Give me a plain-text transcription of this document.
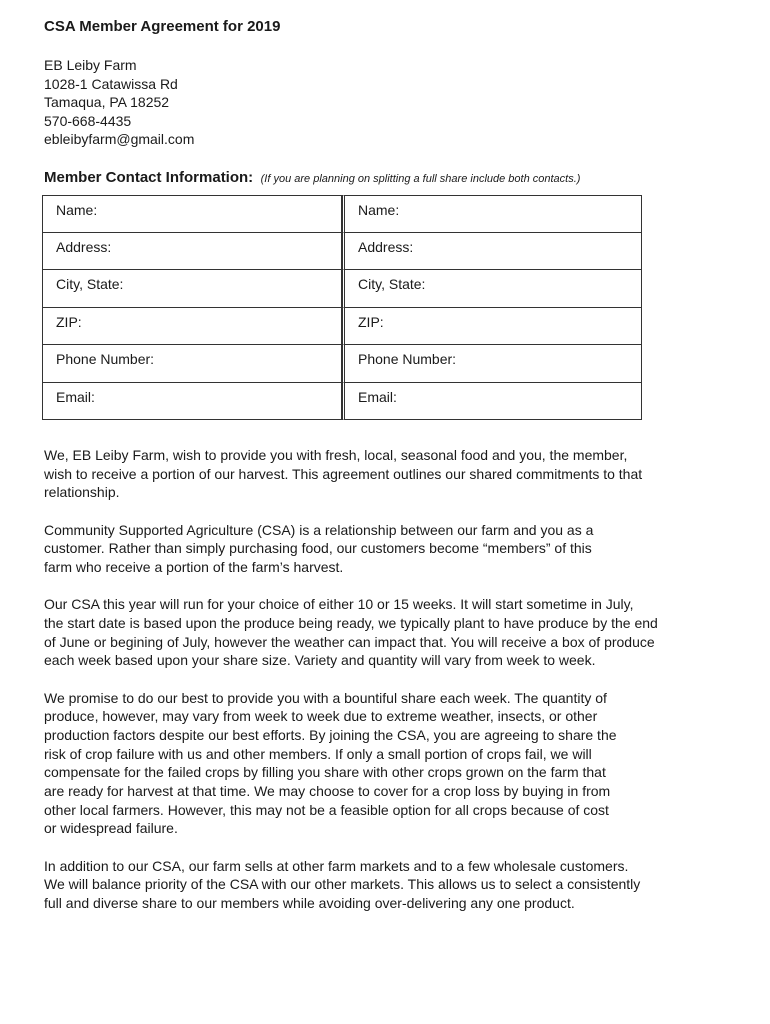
CSA Member Agreement for 2019
EB Leiby Farm
1028-1 Catawissa Rd
Tamaqua, PA 18252
570-668-4435
ebleibyfarm@gmail.com
Member Contact Information: (If you are planning on splitting a full share include both contacts.)
Name:	Name:
Address:	Address:
City, State:	City, State:
ZIP:	ZIP:
Phone Number:	Phone Number:
Email:	Email:

We, EB Leiby Farm, wish to provide you with fresh, local, seasonal food and you, the member,
wish to receive a portion of our harvest. This agreement outlines our shared commitments to that
relationship.

Community Supported Agriculture (CSA) is a relationship between our farm and you as a
customer. Rather than simply purchasing food, our customers become “members” of this
farm who receive a portion of the farm’s harvest.

Our CSA this year will run for your choice of either 10 or 15 weeks. It will start sometime in July,
the start date is based upon the produce being ready, we typically plant to have produce by the end
of June or begining of July, however the weather can impact that. You will receive a box of produce
each week based upon your share size. Variety and quantity will vary from week to week.

We promise to do our best to provide you with a bountiful share each week. The quantity of
produce, however, may vary from week to week due to extreme weather, insects, or other
production factors despite our best efforts. By joining the CSA, you are agreeing to share the
risk of crop failure with us and other members. If only a small portion of crops fail, we will
compensate for the failed crops by filling you share with other crops grown on the farm that
are ready for harvest at that time. We may choose to cover for a crop loss by buying in from
other local farmers. However, this may not be a feasible option for all crops because of cost
or widespread failure.

In addition to our CSA, our farm sells at other farm markets and to a few wholesale customers.
We will balance priority of the CSA with our other markets. This allows us to select a consistently
full and diverse share to our members while avoiding over-delivering any one product.
